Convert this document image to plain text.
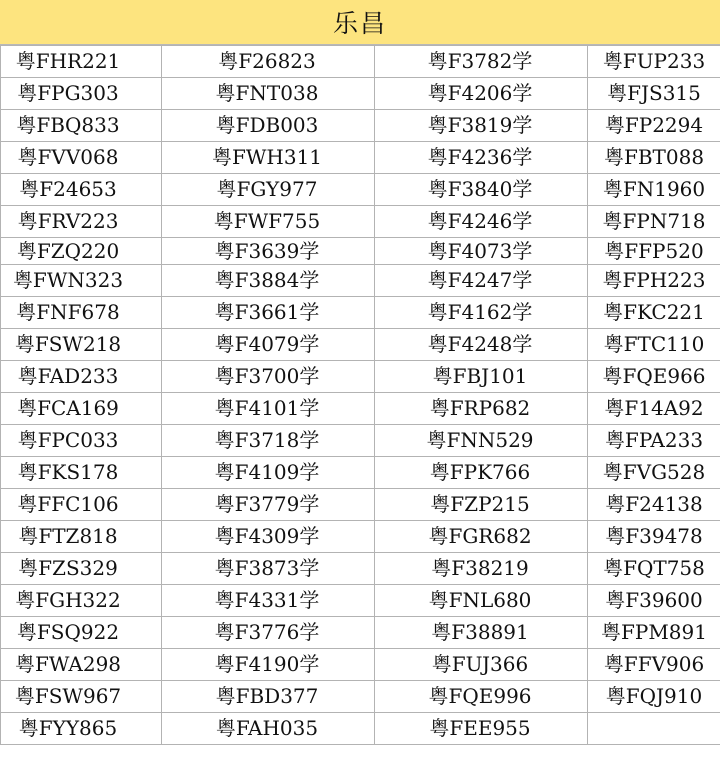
乐昌
粤FHR221	粤F26823	粤F3782学	粤FUP233
粤FPG303	粤FNT038	粤F4206学	粤FJS315
粤FBQ833	粤FDB003	粤F3819学	粤FP2294
粤FVV068	粤FWH311	粤F4236学	粤FBT088
粤F24653	粤FGY977	粤F3840学	粤FN1960
粤FRV223	粤FWF755	粤F4246学	粤FPN718
粤FZQ220	粤F3639学	粤F4073学	粤FFP520
粤FWN323	粤F3884学	粤F4247学	粤FPH223
粤FNF678	粤F3661学	粤F4162学	粤FKC221
粤FSW218	粤F4079学	粤F4248学	粤FTC110
粤FAD233	粤F3700学	粤FBJ101	粤FQE966
粤FCA169	粤F4101学	粤FRP682	粤F14A92
粤FPC033	粤F3718学	粤FNN529	粤FPA233
粤FKS178	粤F4109学	粤FPK766	粤FVG528
粤FFC106	粤F3779学	粤FZP215	粤F24138
粤FTZ818	粤F4309学	粤FGR682	粤F39478
粤FZS329	粤F3873学	粤F38219	粤FQT758
粤FGH322	粤F4331学	粤FNL680	粤F39600
粤FSQ922	粤F3776学	粤F38891	粤FPM891
粤FWA298	粤F4190学	粤FUJ366	粤FFV906
粤FSW967	粤FBD377	粤FQE996	粤FQJ910
粤FYY865	粤FAH035	粤FEE955	
